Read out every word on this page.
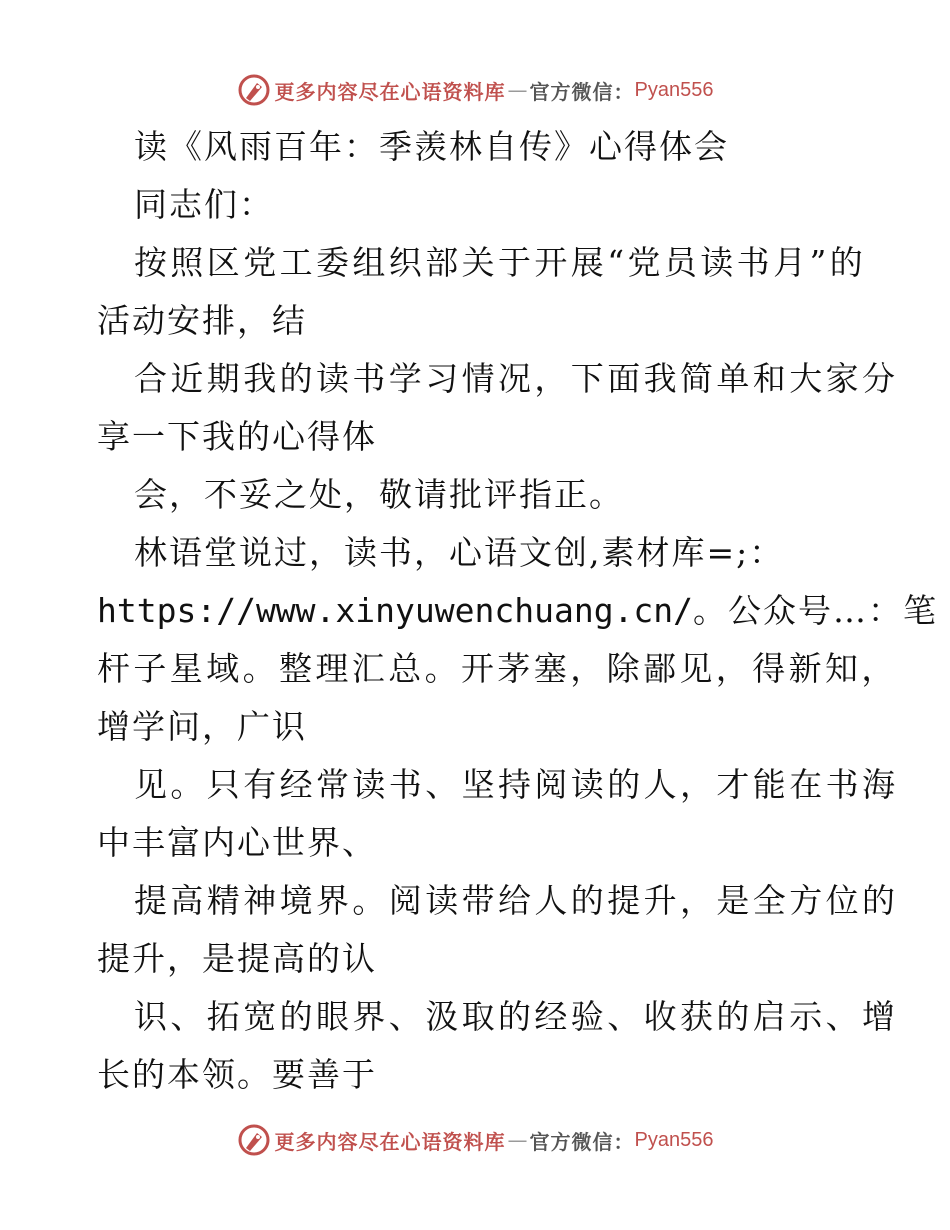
更多内容尽在心语资料库 — 官方微信： Pyan556
读《风雨百年：季羡林自传》心得体会
同志们：
按照区党工委组织部关于开展“党员读书月”的
活动安排，结
合近期我的读书学习情况，下面我简单和大家分
享一下我的心得体
会，不妥之处，敬请批评指正。
林语堂说过，读书，心语文创,素材库=;：
https://www.xinyuwenchuang.cn/。公众号…：笔
杆子星域。整理汇总。开茅塞，除鄙见，得新知，
增学问，广识
见。只有经常读书、坚持阅读的人，才能在书海
中丰富内心世界、
提高精神境界。阅读带给人的提升，是全方位的
提升，是提高的认
识、拓宽的眼界、汲取的经验、收获的启示、增
长的本领。要善于
更多内容尽在心语资料库 — 官方微信： Pyan556
